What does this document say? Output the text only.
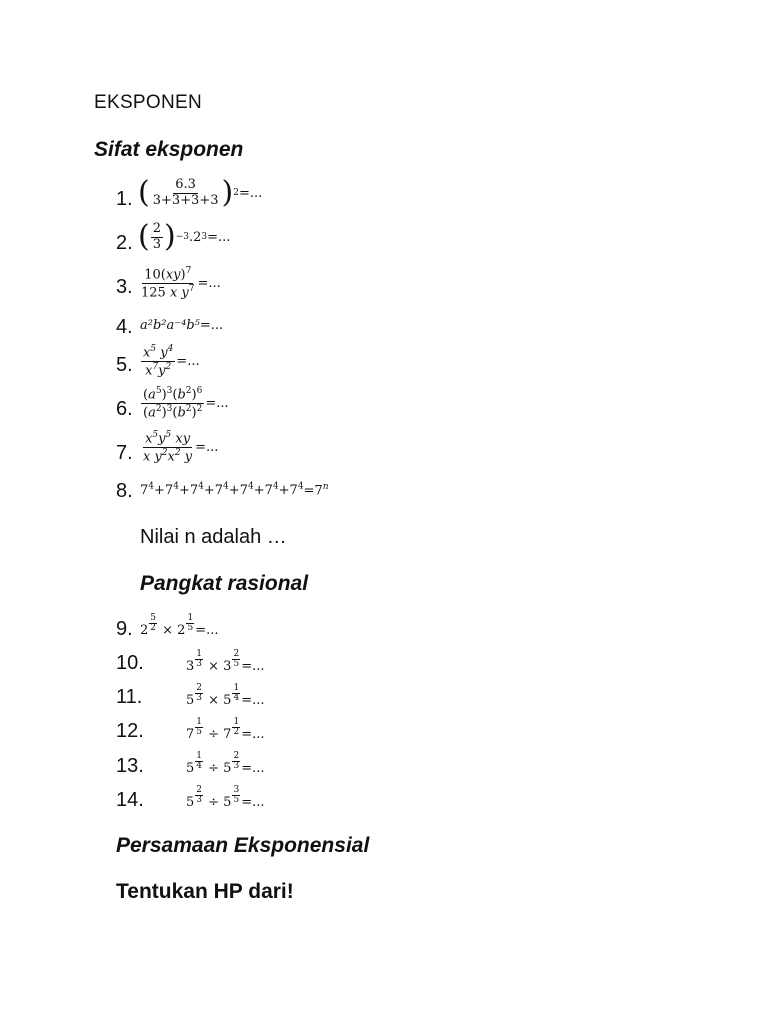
EKSPONEN
Sifat eksponen
1. ( $\frac{6.3}{3+3+3+3}$ ) 2 =...
2. ( $\frac{2}{3}$ ) −3 .2 3 =...
3. $\frac{10(xy)^7}{125 x y^7}$ =...
4. a²b²a⁻⁴b⁵=...
5. $\frac{x^5 y^4}{x^7y^2}$ =...
6. $\frac{(a^5)^3(b^2)^6}{(a^2)^3(b^2)^2}$ =...
7. $\frac{x^5y^5 xy}{x y^2x^2 y}$ =...
8. $7^4+7^4+7^4+7^4+7^4+7^4+7^4=7^n$
Nilai n adalah …
Pangkat rasional
9. $2 \frac{5}{2} \times 2 \frac{1}{5}$ =...
10.	$3 \frac{1}{3} \times 3 \frac{2}{5}$ =...
11.	$5 \frac{2}{3} \times 5 \frac{1}{4}$ =...
12.	$7 \frac{1}{5} \div 7 \frac{1}{2}$ =...
13.	$5 \frac{1}{4} \div 5 \frac{2}{3}$ =...
14.	$5 \frac{2}{3} \div 5 \frac{3}{5}$ =...
Persamaan Eksponensial
Tentukan HP dari!
